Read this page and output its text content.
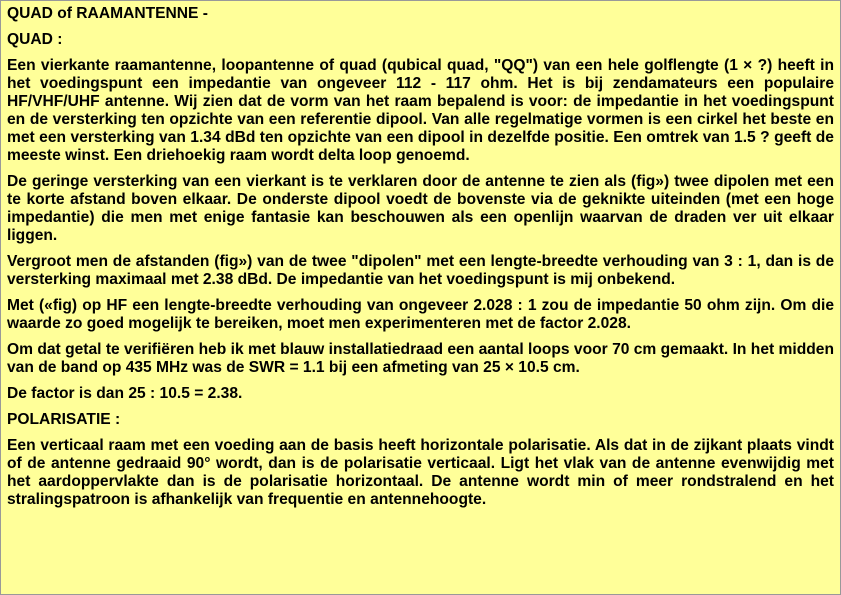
QUAD of RAAMANTENNE -

QUAD :

Een vierkante raamantenne, loopantenne of quad (qubical quad, "QQ") van een hele golflengte (1 × ?) heeft in het voedingspunt een impedantie van ongeveer 112 - 117 ohm. Het is bij zendamateurs een populaire HF/VHF/UHF antenne. Wij zien dat de vorm van het raam bepalend is voor: de impedantie in het voedingspunt en de versterking ten opzichte van een referentie dipool. Van alle regelmatige vormen is een cirkel het beste en met een versterking van 1.34 dBd ten opzichte van een dipool in dezelfde positie. Een omtrek van 1.5 ? geeft de meeste winst. Een driehoekig raam wordt delta loop genoemd.

De geringe versterking van een vierkant is te verklaren door de antenne te zien als (fig») twee dipolen met een te korte afstand boven elkaar. De onderste dipool voedt de bovenste via de geknikte uiteinden (met een hoge impedantie) die men met enige fantasie kan beschouwen als een openlijn waarvan de draden ver uit elkaar liggen.

Vergroot men de afstanden (fig») van de twee "dipolen" met een lengte-breedte verhouding van 3 : 1, dan is de versterking maximaal met 2.38 dBd. De impedantie van het voedingspunt is mij onbekend.

Met («fig) op HF een lengte-breedte verhouding van ongeveer 2.028 : 1 zou de impedantie 50 ohm zijn. Om die waarde zo goed mogelijk te bereiken, moet men experimenteren met de factor 2.028.

Om dat getal te verifiëren heb ik met blauw installatiedraad een aantal loops voor 70 cm gemaakt. In het midden van de band op 435 MHz was de SWR = 1.1 bij een afmeting van 25 × 10.5 cm.

De factor is dan 25 : 10.5 = 2.38.

POLARISATIE :

Een verticaal raam met een voeding aan de basis heeft horizontale polarisatie. Als dat in de zijkant plaats vindt of de antenne gedraaid 90° wordt, dan is de polarisatie verticaal. Ligt het vlak van de antenne evenwijdig met het aardoppervlakte dan is de polarisatie horizontaal. De antenne wordt min of meer rondstralend en het stralingspatroon is afhankelijk van frequentie en antennehoogte.
